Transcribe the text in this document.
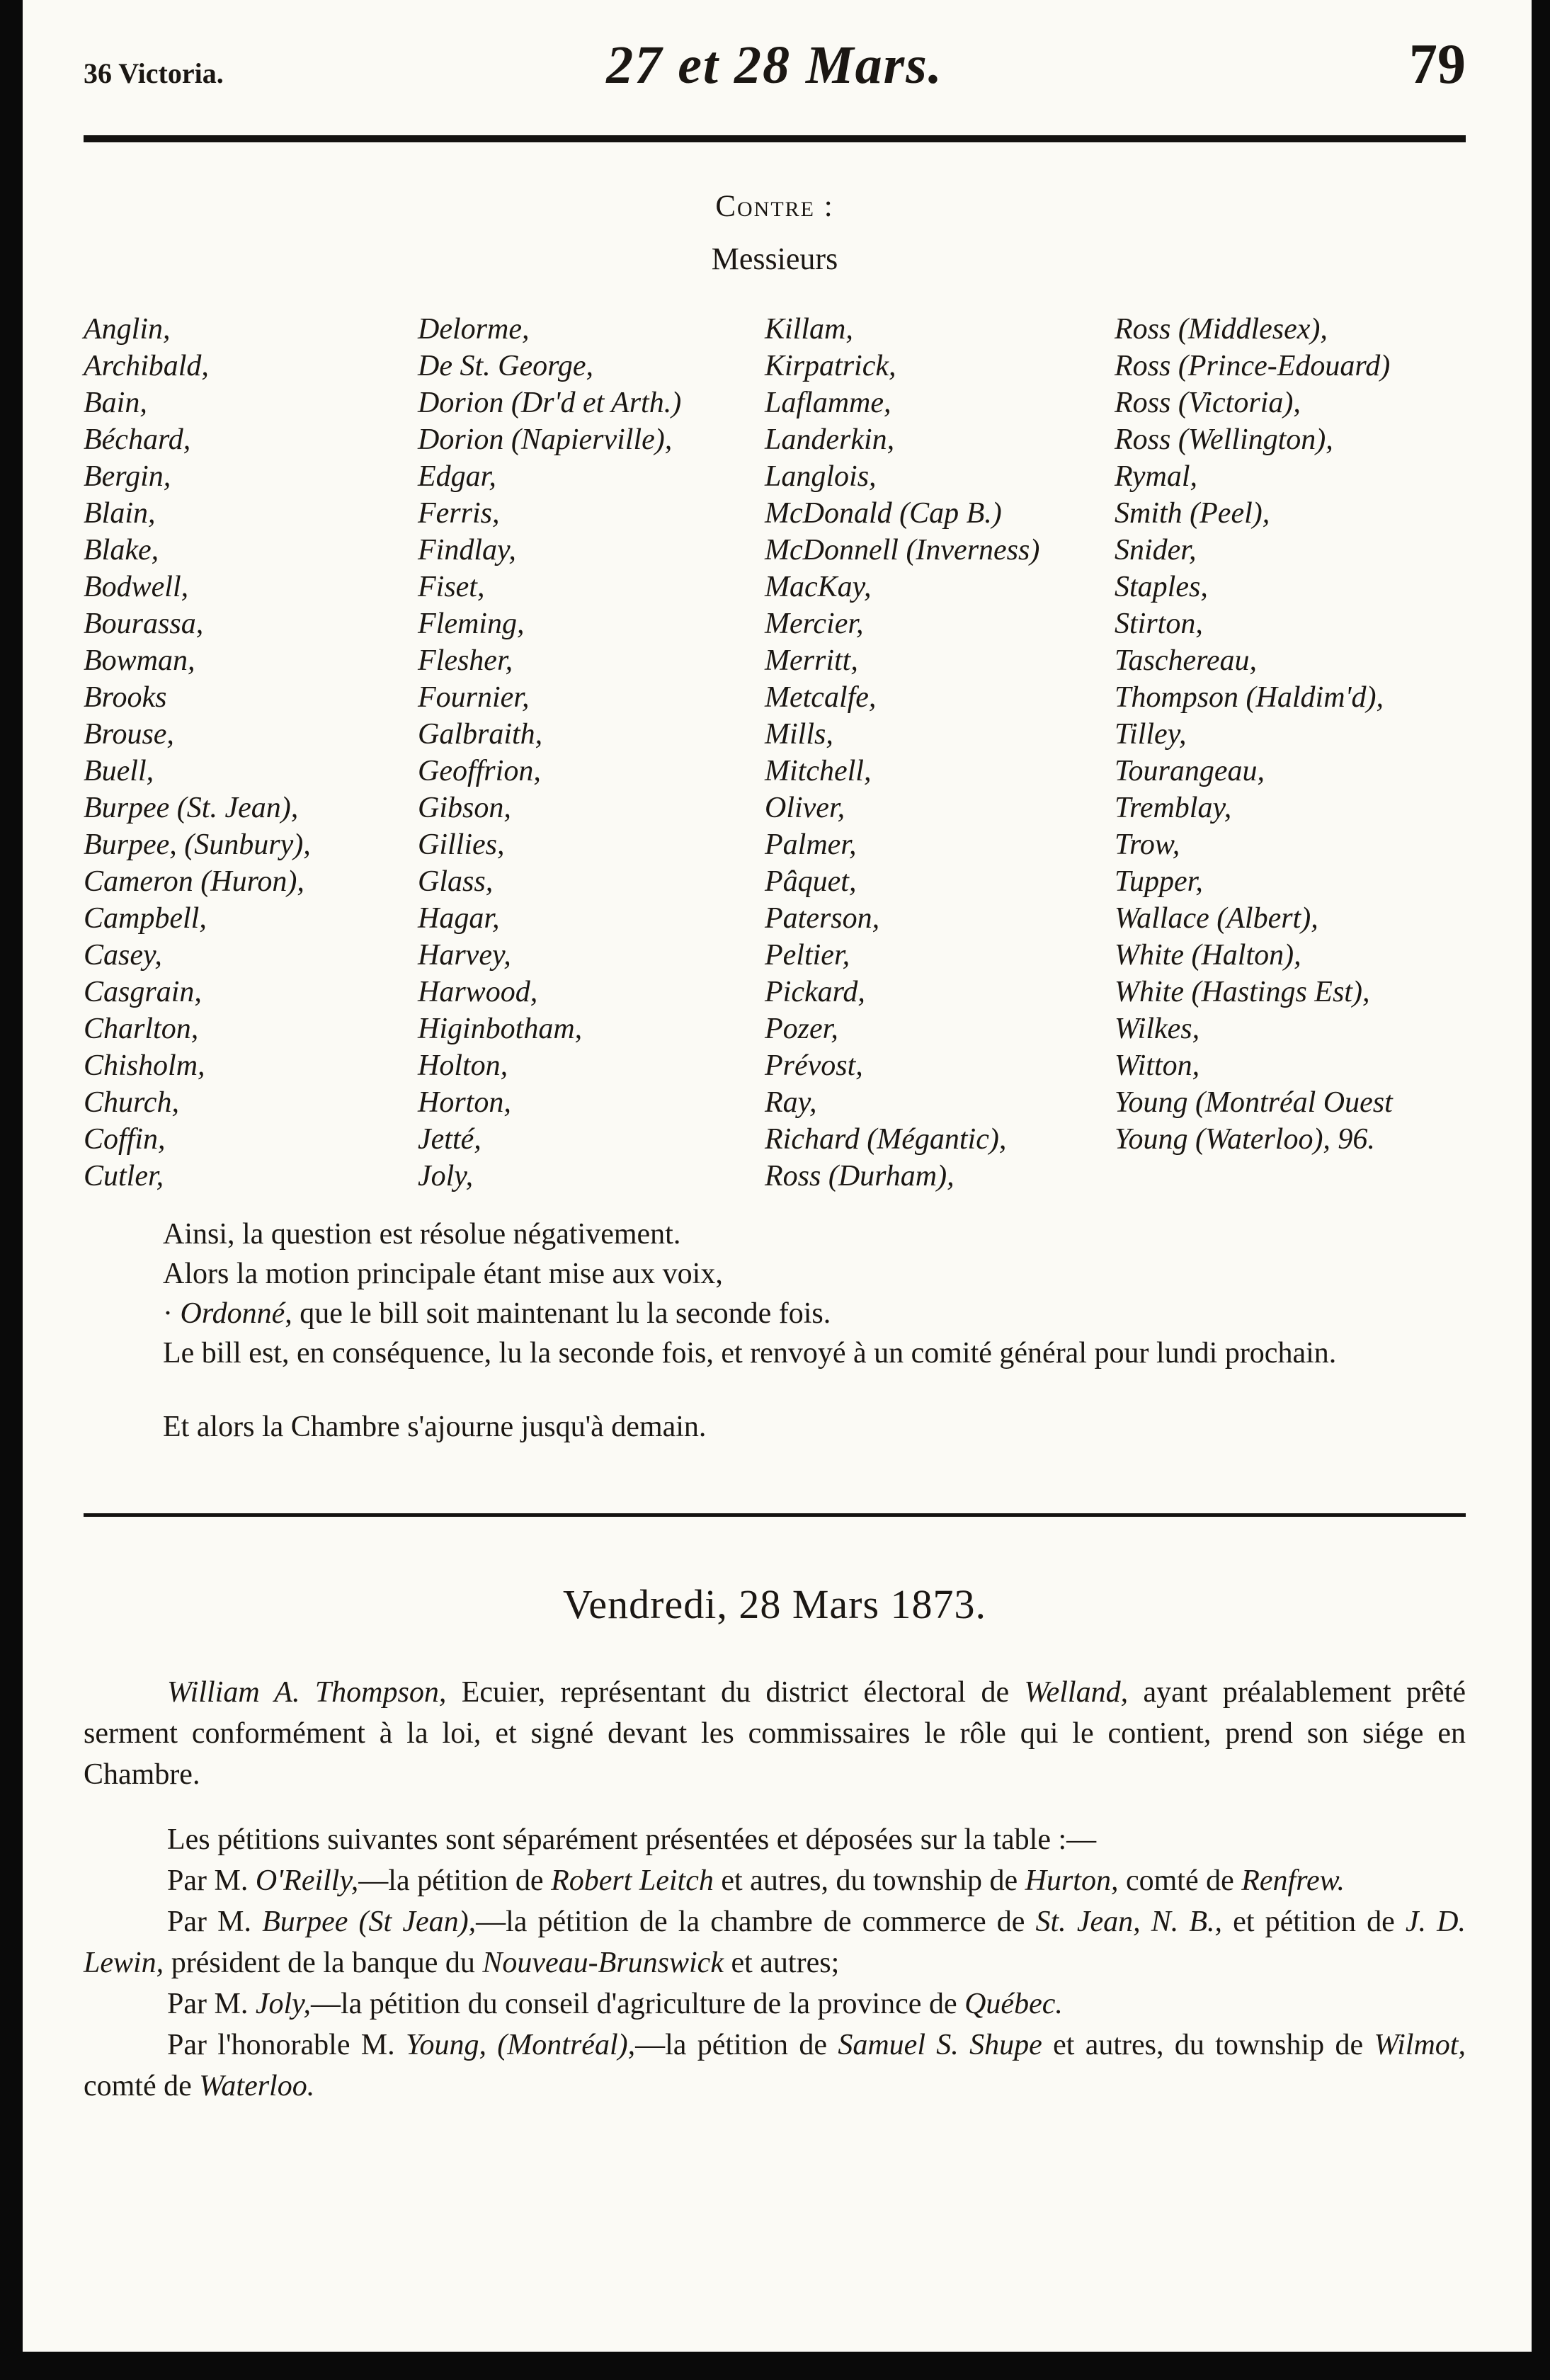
36 Victoria.	27 et 28 Mars.	79
Contre :
Messieurs
Anglin,
Archibald,
Bain,
Béchard,
Bergin,
Blain,
Blake,
Bodwell,
Bourassa,
Bowman,
Brooks
Brouse,
Buell,
Burpee (St. Jean),
Burpee, (Sunbury),
Cameron (Huron),
Campbell,
Casey,
Casgrain,
Charlton,
Chisholm,
Church,
Coffin,
Cutler,
Delorme,
De St. George,
Dorion (Dr'd et Arth.)
Dorion (Napierville),
Edgar,
Ferris,
Findlay,
Fiset,
Fleming,
Flesher,
Fournier,
Galbraith,
Geoffrion,
Gibson,
Gillies,
Glass,
Hagar,
Harvey,
Harwood,
Higinbotham,
Holton,
Horton,
Jetté,
Joly,
Killam,
Kirpatrick,
Laflamme,
Landerkin,
Langlois,
McDonald (Cap B.)
McDonnell (Inverness)
MacKay,
Mercier,
Merritt,
Metcalfe,
Mills,
Mitchell,
Oliver,
Palmer,
Pâquet,
Paterson,
Peltier,
Pickard,
Pozer,
Prévost,
Ray,
Richard (Mégantic),
Ross (Durham),
Ross (Middlesex),
Ross (Prince-Edouard)
Ross (Victoria),
Ross (Wellington),
Rymal,
Smith (Peel),
Snider,
Staples,
Stirton,
Taschereau,
Thompson (Haldim'd),
Tilley,
Tourangeau,
Tremblay,
Trow,
Tupper,
Wallace (Albert),
White (Halton),
White (Hastings Est),
Wilkes,
Witton,
Young (Montréal Ouest
Young (Waterloo), 96.

Ainsi, la question est résolue négativement.

Alors la motion principale étant mise aux voix,

· Ordonné, que le bill soit maintenant lu la seconde fois.

Le bill est, en conséquence, lu la seconde fois, et renvoyé à un comité général pour lundi prochain.

Et alors la Chambre s'ajourne jusqu'à demain.

Vendredi, 28 Mars 1873.

William A. Thompson, Ecuier, représentant du district électoral de Welland, ayant préalablement prêté serment conformément à la loi, et signé devant les commissaires le rôle qui le contient, prend son siége en Chambre.

Les pétitions suivantes sont séparément présentées et déposées sur la table :—

Par M. O'Reilly,—la pétition de Robert Leitch et autres, du township de Hurton, comté de Renfrew.

Par M. Burpee (St Jean),—la pétition de la chambre de commerce de St. Jean, N. B., et pétition de J. D. Lewin, président de la banque du Nouveau-Brunswick et autres;

Par M. Joly,—la pétition du conseil d'agriculture de la province de Québec.

Par l'honorable M. Young, (Montréal),—la pétition de Samuel S. Shupe et autres, du township de Wilmot, comté de Waterloo.
